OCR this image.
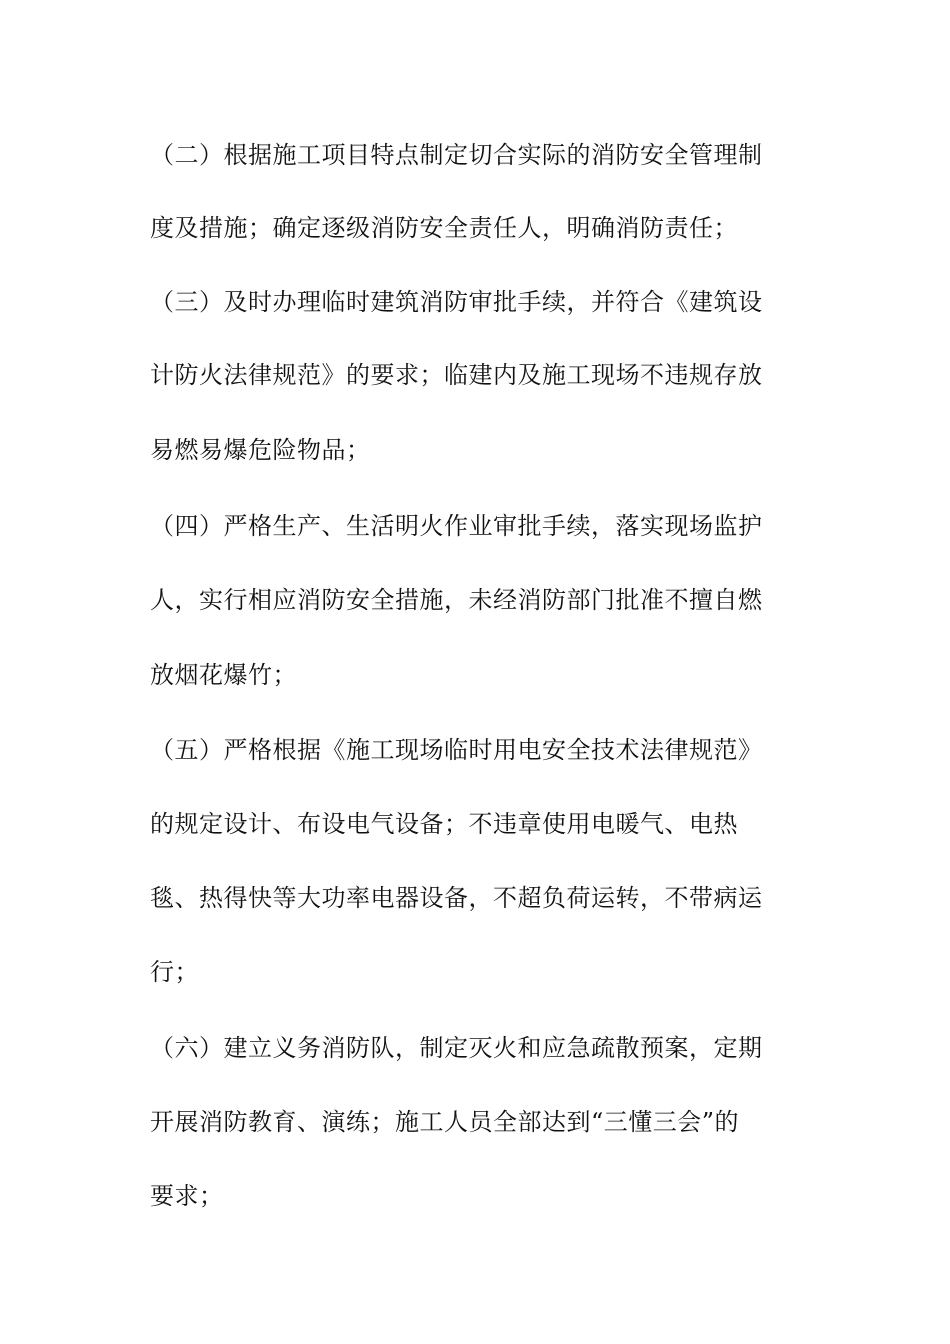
（二）根据施工项目特点制定切合实际的消防安全管理制
度及措施；确定逐级消防安全责任人，明确消防责任；
（三）及时办理临时建筑消防审批手续，并符合《建筑设
计防火法律规范》的要求；临建内及施工现场不违规存放
易燃易爆危险物品；
（四）严格生产、生活明火作业审批手续，落实现场监护
人，实行相应消防安全措施，未经消防部门批准不擅自燃
放烟花爆竹；
（五）严格根据《施工现场临时用电安全技术法律规范》
的规定设计、布设电气设备；不违章使用电暖气、电热
毯、热得快等大功率电器设备，不超负荷运转，不带病运
行；
（六）建立义务消防队，制定灭火和应急疏散预案，定期
开展消防教育、演练；施工人员全部达到“三懂三会”的
要求；
